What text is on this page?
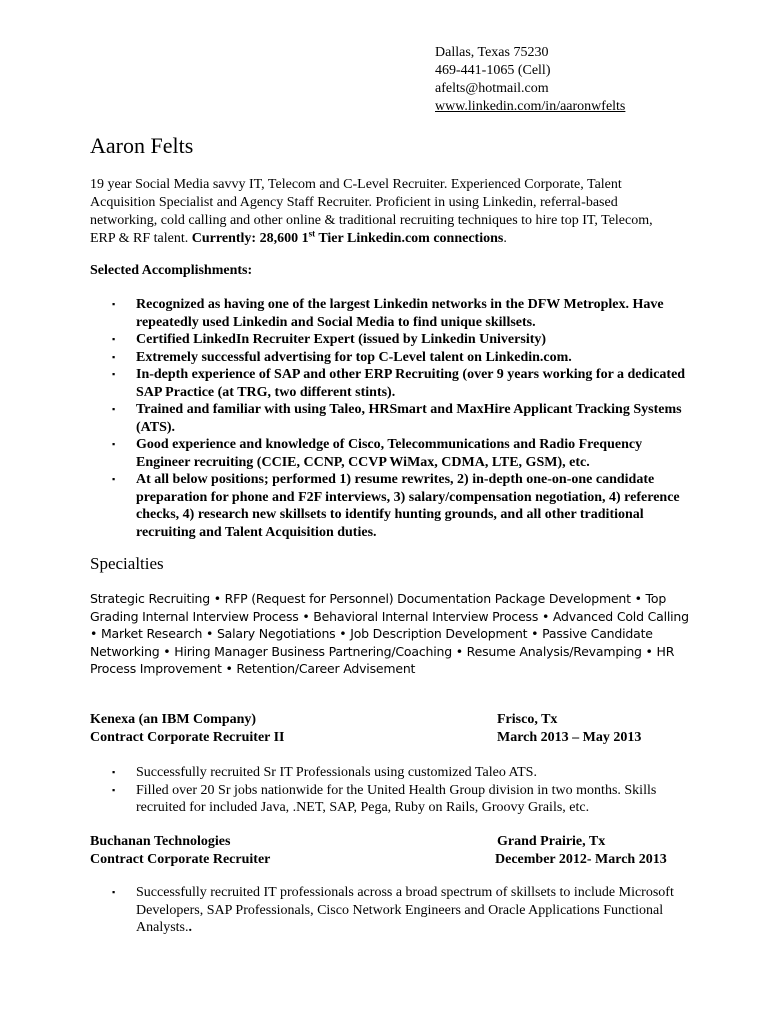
Dallas, Texas 75230
469-441-1065 (Cell)
afelts@hotmail.com
www.linkedin.com/in/aaronwfelts
Aaron Felts
19 year Social Media savvy IT, Telecom and C-Level Recruiter. Experienced Corporate, Talent Acquisition Specialist and Agency Staff Recruiter. Proficient in using Linkedin, referral-based networking, cold calling and other online & traditional recruiting techniques to hire top IT, Telecom, ERP & RF talent. Currently: 28,600 1st Tier Linkedin.com connections.
Selected Accomplishments:
▪ Recognized as having one of the largest Linkedin networks in the DFW Metroplex. Have repeatedly used Linkedin and Social Media to find unique skillsets.
▪ Certified LinkedIn Recruiter Expert (issued by Linkedin University)
▪ Extremely successful advertising for top C-Level talent on Linkedin.com.
▪ In-depth experience of SAP and other ERP Recruiting (over 9 years working for a dedicated SAP Practice (at TRG, two different stints).
▪ Trained and familiar with using Taleo, HRSmart and MaxHire Applicant Tracking Systems (ATS).
▪ Good experience and knowledge of Cisco, Telecommunications and Radio Frequency Engineer recruiting (CCIE, CCNP, CCVP WiMax, CDMA, LTE, GSM), etc.
▪ At all below positions; performed 1) resume rewrites, 2) in-depth one-on-one candidate preparation for phone and F2F interviews, 3) salary/compensation negotiation, 4) reference checks, 4) research new skillsets to identify hunting grounds, and all other traditional recruiting and Talent Acquisition duties.
Specialties
Strategic Recruiting • RFP (Request for Personnel) Documentation Package Development • Top Grading Internal Interview Process • Behavioral Internal Interview Process • Advanced Cold Calling • Market Research • Salary Negotiations • Job Description Development • Passive Candidate Networking • Hiring Manager Business Partnering/Coaching • Resume Analysis/Revamping • HR Process Improvement • Retention/Career Advisement
Kenexa (an IBM Company)
Contract Corporate Recruiter II
Frisco, Tx
March 2013 – May 2013
▪ Successfully recruited Sr IT Professionals using customized Taleo ATS.
▪ Filled over 20 Sr jobs nationwide for the United Health Group division in two months. Skills recruited for included Java, .NET, SAP, Pega, Ruby on Rails, Groovy Grails, etc.
Buchanan Technologies
Contract Corporate Recruiter
Grand Prairie, Tx
December 2012- March 2013
▪ Successfully recruited IT professionals across a broad spectrum of skillsets to include Microsoft Developers, SAP Professionals, Cisco Network Engineers and Oracle Applications Functional Analysts..
